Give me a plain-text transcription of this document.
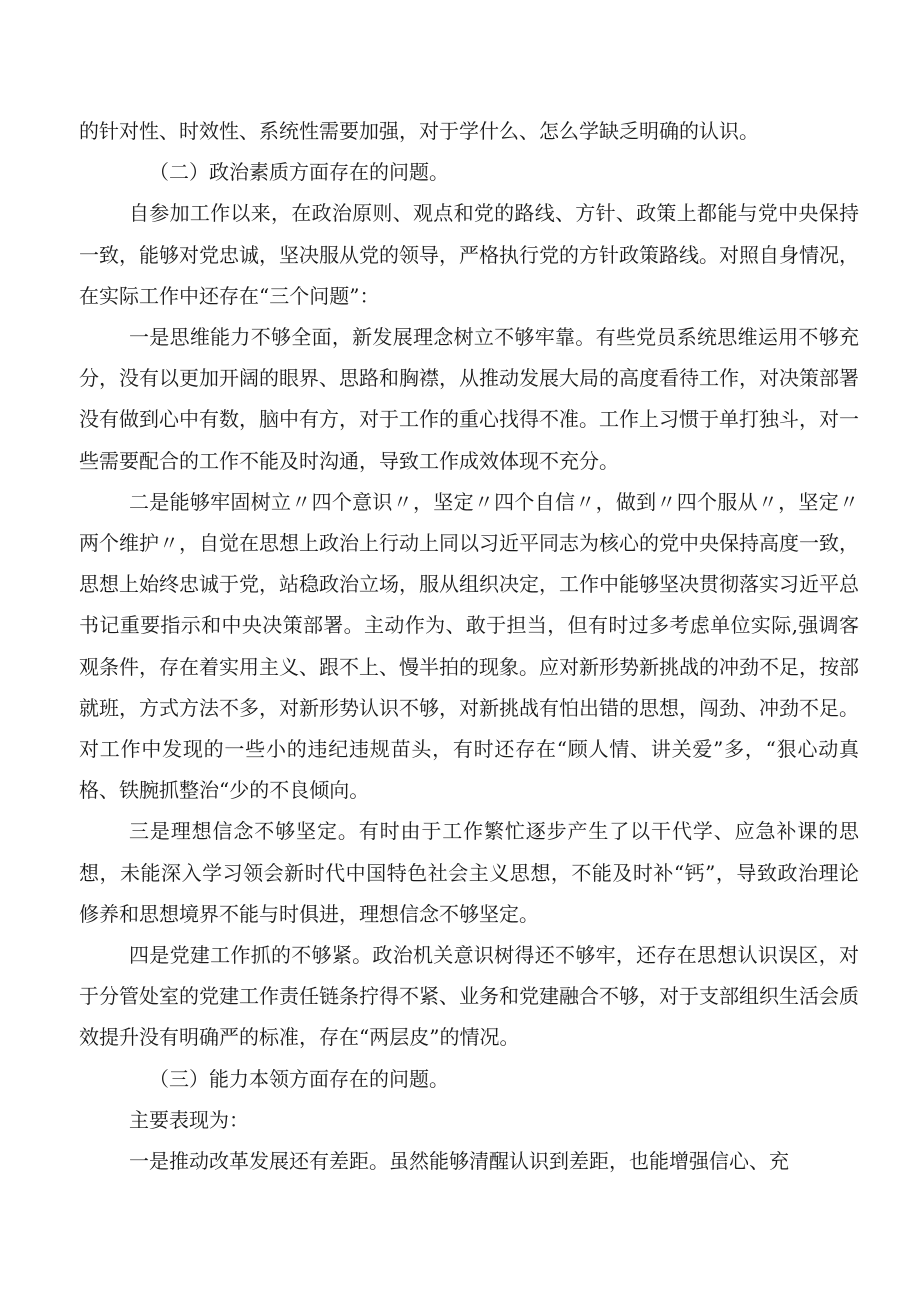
的针对性、时效性、系统性需要加强，对于学什么、怎么学缺乏明确的认识。

（二）政治素质方面存在的问题。

自参加工作以来，在政治原则、观点和党的路线、方针、政策上都能与党中央保持一致，能够对党忠诚，坚决服从党的领导，严格执行党的方针政策路线。对照自身情况，在实际工作中还存在“三个问题”：

一是思维能力不够全面，新发展理念树立不够牢靠。有些党员系统思维运用不够充分，没有以更加开阔的眼界、思路和胸襟，从推动发展大局的高度看待工作，对决策部署没有做到心中有数，脑中有方，对于工作的重心找得不准。工作上习惯于单打独斗，对一些需要配合的工作不能及时沟通，导致工作成效体现不充分。

二是能够牢固树立〃四个意识〃，坚定〃四个自信〃，做到〃四个服从〃，坚定〃两个维护〃，自觉在思想上政治上行动上同以习近平同志为核心的党中央保持高度一致，思想上始终忠诚于党，站稳政治立场，服从组织决定，工作中能够坚决贯彻落实习近平总书记重要指示和中央决策部署。主动作为、敢于担当，但有时过多考虑单位实际,强调客观条件，存在着实用主义、跟不上、慢半拍的现象。应对新形势新挑战的冲劲不足，按部就班，方式方法不多，对新形势认识不够，对新挑战有怕出错的思想，闯劲、冲劲不足。对工作中发现的一些小的违纪违规苗头，有时还存在“顾人情、讲关爱”多，“狠心动真格、铁腕抓整治“少的不良倾向。

三是理想信念不够坚定。有时由于工作繁忙逐步产生了以干代学、应急补课的思想，未能深入学习领会新时代中国特色社会主义思想，不能及时补“钙”，导致政治理论修养和思想境界不能与时俱进，理想信念不够坚定。

四是党建工作抓的不够紧。政治机关意识树得还不够牢，还存在思想认识误区，对于分管处室的党建工作责任链条拧得不紧、业务和党建融合不够，对于支部组织生活会质效提升没有明确严的标准，存在“两层皮”的情况。

（三）能力本领方面存在的问题。

主要表现为：

一是推动改革发展还有差距。虽然能够清醒认识到差距，也能增强信心、充
